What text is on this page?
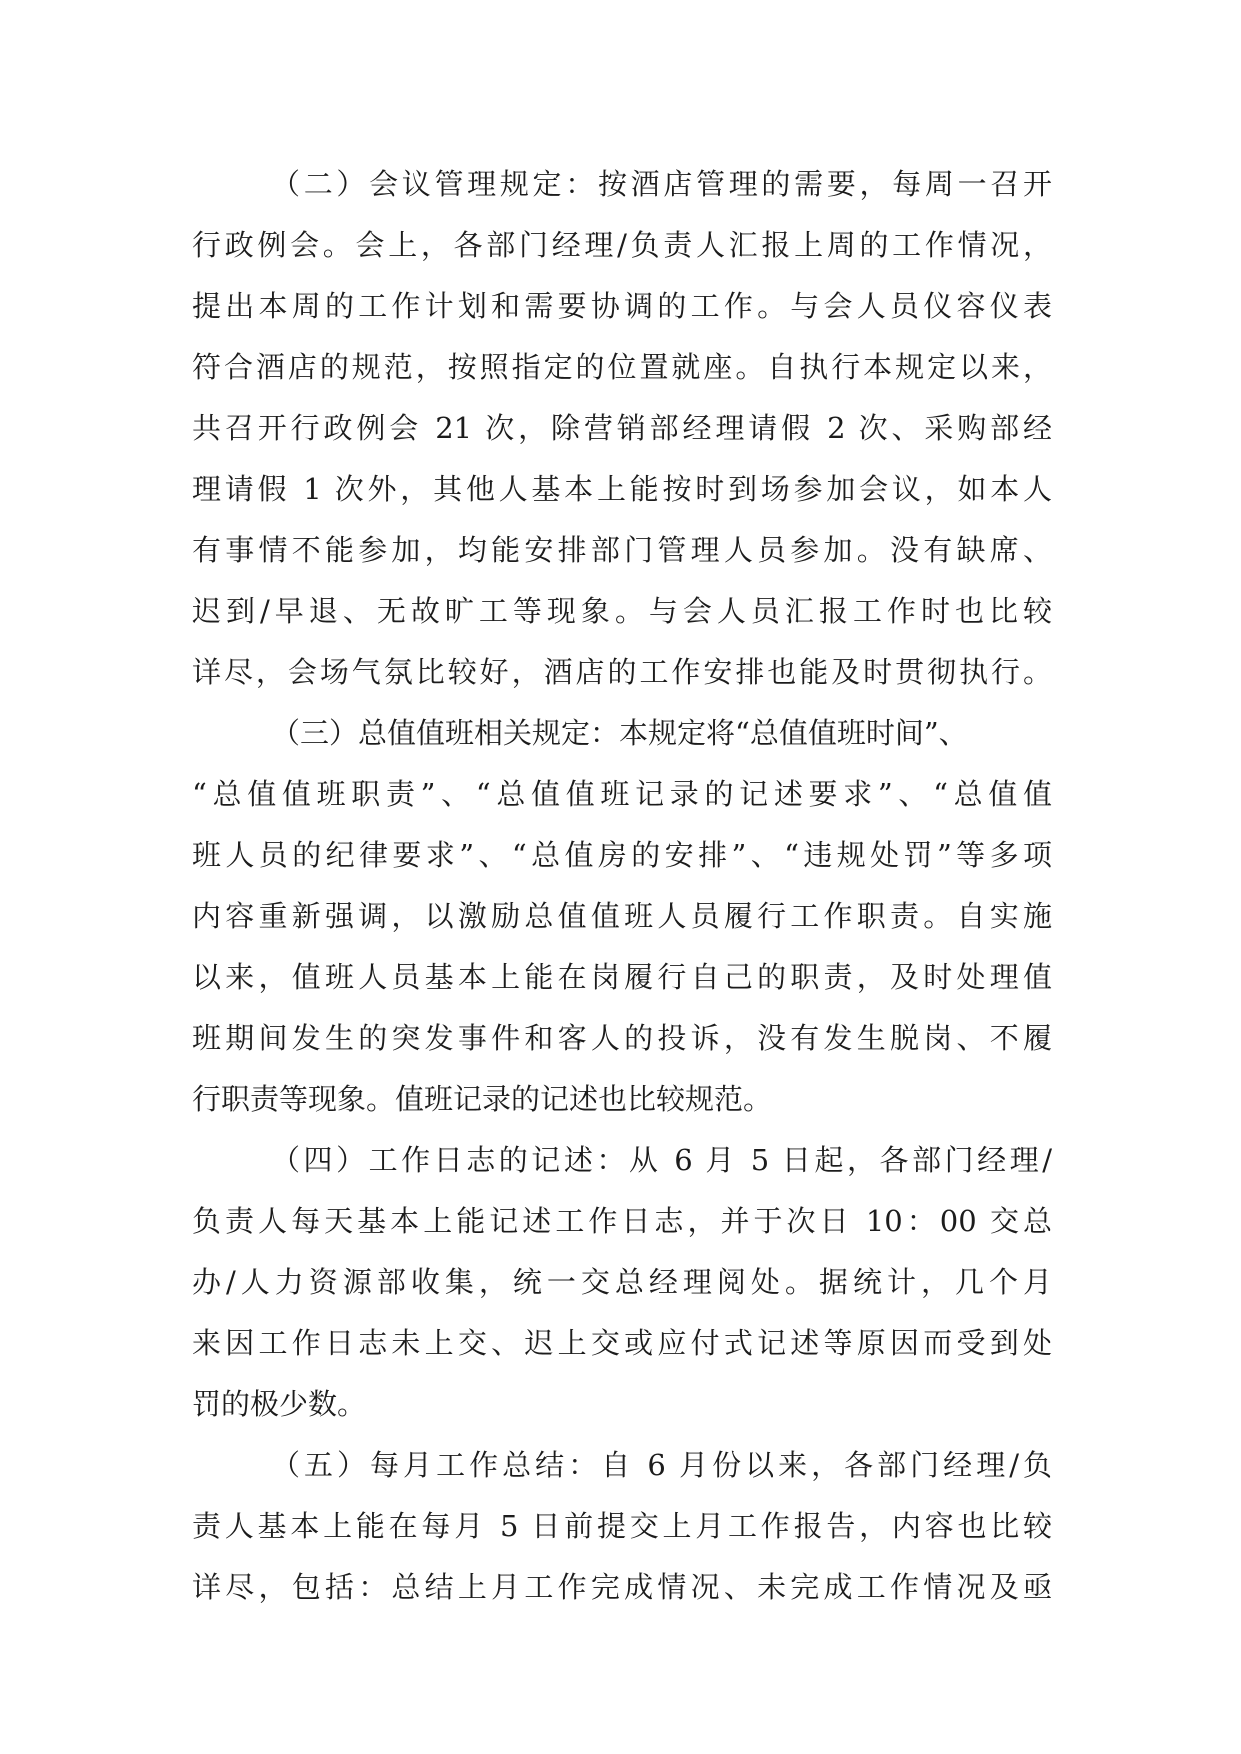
（二）会议管理规定：按酒店管理的需要，每周一召开
行政例会。会上，各部门经理/负责人汇报上周的工作情况，
提出本周的工作计划和需要协调的工作。与会人员仪容仪表
符合酒店的规范，按照指定的位置就座。自执行本规定以来，
共召开行政例会 21 次，除营销部经理请假 2 次、采购部经
理请假 1 次外，其他人基本上能按时到场参加会议，如本人
有事情不能参加，均能安排部门管理人员参加。没有缺席、
迟到/早退、无故旷工等现象。与会人员汇报工作时也比较
详尽，会场气氛比较好，酒店的工作安排也能及时贯彻执行。
（三）总值值班相关规定：本规定将“总值值班时间”、
“总值值班职责”、“总值值班记录的记述要求”、“总值值
班人员的纪律要求”、“总值房的安排”、“违规处罚”等多项
内容重新强调，以激励总值值班人员履行工作职责。自实施
以来，值班人员基本上能在岗履行自己的职责，及时处理值
班期间发生的突发事件和客人的投诉，没有发生脱岗、不履
行职责等现象。值班记录的记述也比较规范。
（四）工作日志的记述：从 6 月 5 日起，各部门经理/
负责人每天基本上能记述工作日志，并于次日 10：00 交总
办/人力资源部收集，统一交总经理阅处。据统计，几个月
来因工作日志未上交、迟上交或应付式记述等原因而受到处
罚的极少数。
（五）每月工作总结：自 6 月份以来，各部门经理/负
责人基本上能在每月 5 日前提交上月工作报告，内容也比较
详尽，包括：总结上月工作完成情况、未完成工作情况及亟
